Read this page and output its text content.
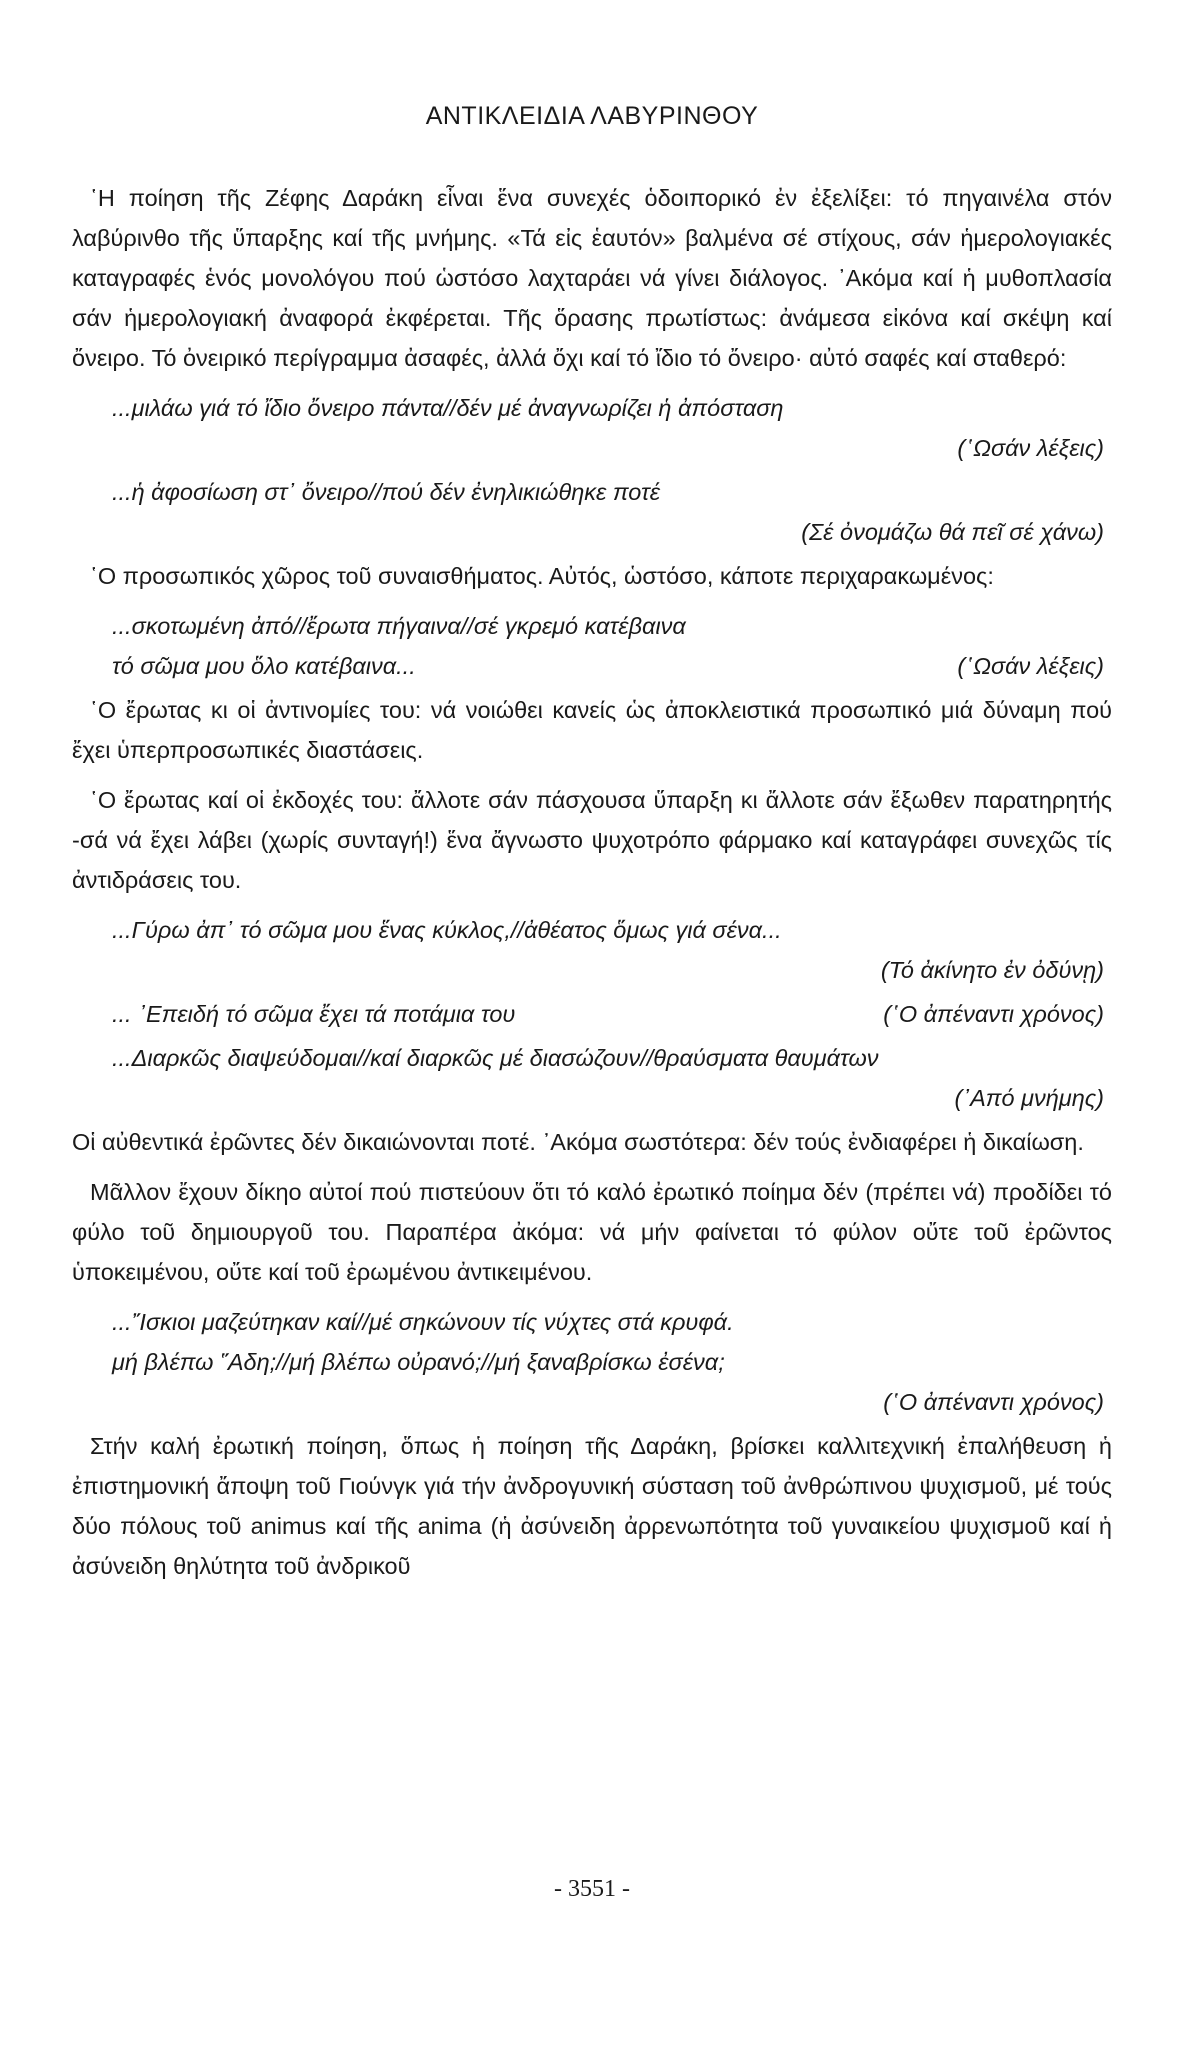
ΑΝΤΙΚΛΕΙΔΙΑ ΛΑΒΥΡΙΝΘΟΥ

῾Η ποίηση τῆς Ζέφης Δαράκη εἶναι ἕνα συνεχές ὁδοιπορικό ἐν ἐξελίξει: τό πηγαινέλα στόν λαβύρινθο τῆς ὕπαρξης καί τῆς μνήμης. «Τά εἰς ἑαυτόν» βαλμένα σέ στίχους, σάν ἡμερολογιακές καταγραφές ἑνός μονολόγου πού ὡστόσο λαχταράει νά γίνει διάλογος. ᾿Ακόμα καί ἡ μυθοπλασία σάν ἡμερολογιακή ἀναφορά ἐκφέρεται. Τῆς ὅρασης πρωτίστως: ἀνάμεσα εἰκόνα καί σκέψη καί ὄνειρο. Τό ὀνειρικό περίγραμμα ἀσαφές, ἀλλά ὄχι καί τό ἴδιο τό ὄνειρο· αὐτό σαφές καί σταθερό:

...μιλάω γιά τό ἴδιο ὄνειρο πάντα//δέν μέ ἀναγνωρίζει ἡ ἀπόσταση

(῾Ωσάν λέξεις)

...ἡ ἀφοσίωση στ᾿ ὄνειρο//πού δέν ἐνηλικιώθηκε ποτέ

(Σέ ὀνομάζω θά πεῖ σέ χάνω)

῾Ο προσωπικός χῶρος τοῦ συναισθήματος. Αὐτός, ὡστόσο, κάποτε περιχαρακωμένος:

...σκοτωμένη ἀπό//ἔρωτα πήγαινα//σέ γκρεμό κατέβαινα

τό σῶμα μου ὅλο κατέβαινα...	(῾Ωσάν λέξεις)

῾Ο ἔρωτας κι οἱ ἀντινομίες του: νά νοιώθει κανείς ὡς ἀποκλειστικά προσωπικό μιά δύναμη πού ἔχει ὑπερπροσωπικές διαστάσεις.

῾Ο ἔρωτας καί οἱ ἐκδοχές του: ἄλλοτε σάν πάσχουσα ὕπαρξη κι ἄλλοτε σάν ἔξωθεν παρατηρητής -σά νά ἔχει λάβει (χωρίς συνταγή!) ἕνα ἄγνωστο ψυχοτρόπο φάρμακο καί καταγράφει συνεχῶς τίς ἀντιδράσεις του.

...Γύρω ἀπ᾿ τό σῶμα μου ἕνας κύκλος,//ἀθέατος ὅμως γιά σένα...

(Τό ἀκίνητο ἐν ὀδύνῃ)

... ᾿Επειδή τό σῶμα ἔχει τά ποτάμια του	(῾Ο ἀπέναντι χρόνος)

...Διαρκῶς διαψεύδομαι//καί διαρκῶς μέ διασώζουν//θραύσματα θαυμάτων

(᾿Από μνήμης)

Οἱ αὐθεντικά ἐρῶντες δέν δικαιώνονται ποτέ. ᾿Ακόμα σωστότερα: δέν τούς ἐνδιαφέρει ἡ δικαίωση.

Μᾶλλον ἔχουν δίκηο αὐτοί πού πιστεύουν ὅτι τό καλό ἐρωτικό ποίημα δέν (πρέπει νά) προδίδει τό φύλο τοῦ δημιουργοῦ του. Παραπέρα ἀκόμα: νά μήν φαίνεται τό φύλον οὔτε τοῦ ἐρῶντος ὑποκειμένου, οὔτε καί τοῦ ἐρωμένου ἀντικειμένου.

...῎Ισκιοι μαζεύτηκαν καί//μέ σηκώνουν τίς νύχτες στά κρυφά.

μή βλέπω ῞Αδη;//μή βλέπω οὐρανό;//μή ξαναβρίσκω ἐσένα;

(῾Ο ἀπέναντι χρόνος)

Στήν καλή ἐρωτική ποίηση, ὅπως ἡ ποίηση τῆς Δαράκη, βρίσκει καλλιτεχνική ἐπαλήθευση ἡ ἐπιστημονική ἄποψη τοῦ Γιούνγκ γιά τήν ἀνδρογυνική σύσταση τοῦ ἀνθρώπινου ψυχισμοῦ, μέ τούς δύο πόλους τοῦ animus καί τῆς anima (ἡ ἀσύνειδη ἀρρενωπότητα τοῦ γυναικείου ψυχισμοῦ καί ἡ ἀσύνειδη θηλύτητα τοῦ ἀνδρικοῦ

- 3551 -
